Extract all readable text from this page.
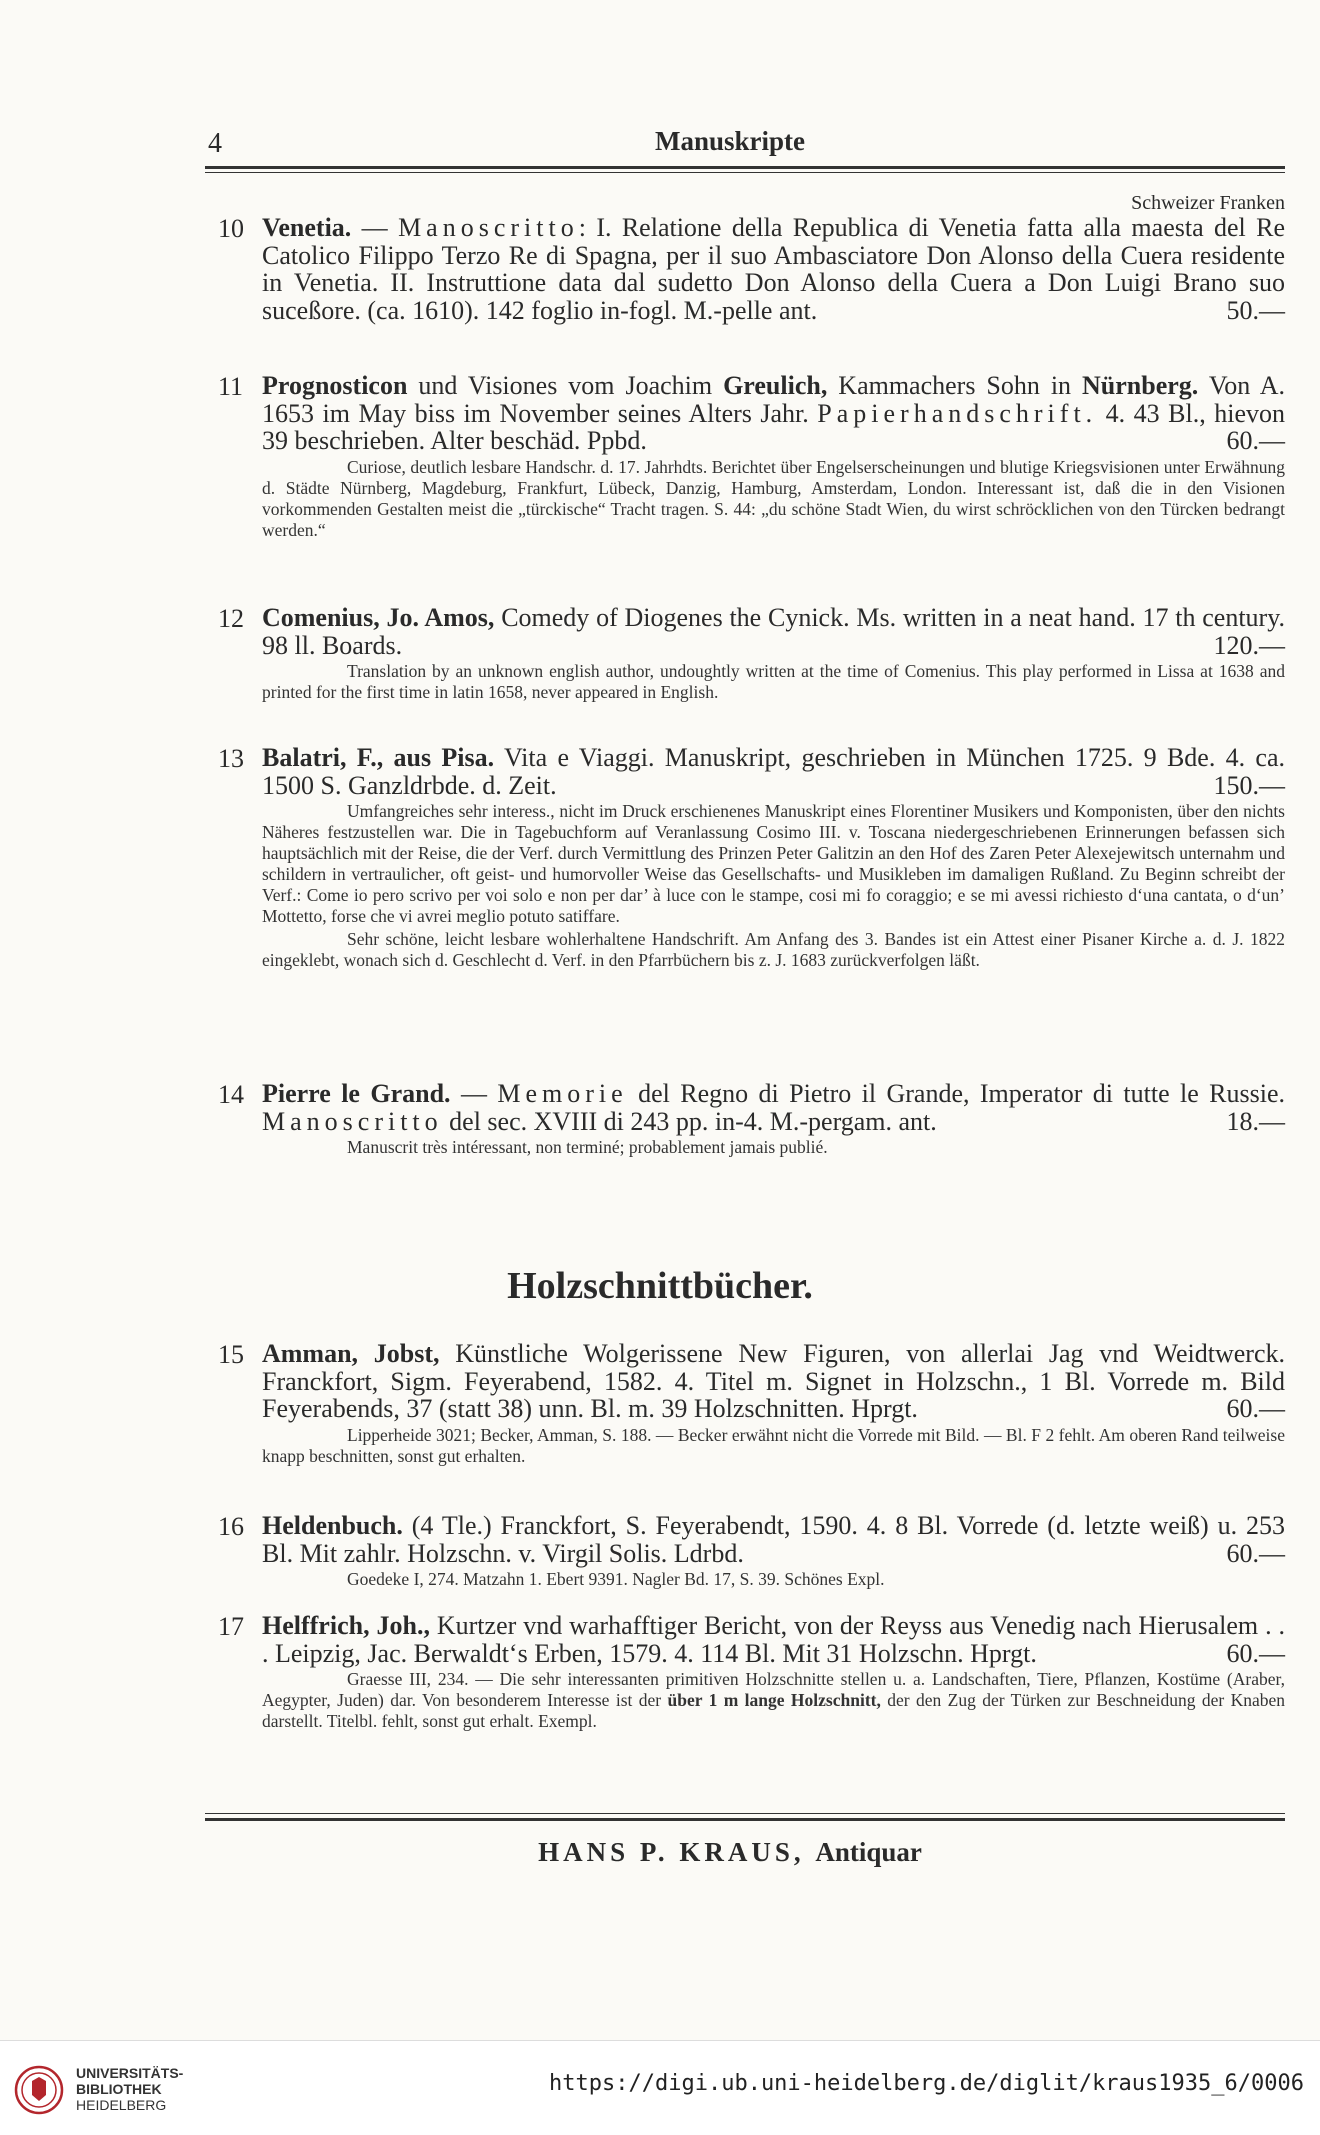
4	Manuskripte
Schweizer Franken
10 Venetia. — Manoscritto: I. Relatione della Republica di Venetia fatta alla maesta del Re Catolico Filippo Terzo Re di Spagna, per il suo Ambasciatore Don Alonso della Cuera residente in Venetia. II. Instruttione data dal sudetto Don Alonso della Cuera a Don Luigi Brano suo suceßore. (ca. 1610). 142 foglio in-fogl. M.-pelle ant.	50.—
11 Prognosticon und Visiones vom Joachim Greulich, Kammachers Sohn in Nürnberg. Von A. 1653 im May biss im November seines Alters Jahr. Papierhandschrift. 4. 43 Bl., hievon 39 beschrieben. Alter beschäd. Ppbd.	60.—
Curiose, deutlich lesbare Handschr. d. 17. Jahrhdts. Berichtet über Engelserscheinungen und blutige Kriegsvisionen unter Erwähnung d. Städte Nürnberg, Magdeburg, Frankfurt, Lübeck, Danzig, Hamburg, Amsterdam, London. Interessant ist, daß die in den Visionen vorkommenden Gestalten meist die „türckische“ Tracht tragen. S. 44: „du schöne Stadt Wien, du wirst schröcklichen von den Türcken bedrangt werden.“
12 Comenius, Jo. Amos, Comedy of Diogenes the Cynick. Ms. written in a neat hand. 17 th century. 98 ll. Boards.	120.—
Translation by an unknown english author, undoughtly written at the time of Comenius. This play performed in Lissa at 1638 and printed for the first time in latin 1658, never appeared in English.
13 Balatri, F., aus Pisa. Vita e Viaggi. Manuskript, geschrieben in München 1725. 9 Bde. 4. ca. 1500 S. Ganzldrbde. d. Zeit.	150.—
Umfangreiches sehr interess., nicht im Druck erschienenes Manuskript eines Florentiner Musikers und Komponisten, über den nichts Näheres festzustellen war. Die in Tagebuchform auf Veranlassung Cosimo III. v. Toscana niedergeschriebenen Erinnerungen befassen sich hauptsächlich mit der Reise, die der Verf. durch Vermittlung des Prinzen Peter Galitzin an den Hof des Zaren Peter Alexejewitsch unternahm und schildern in vertraulicher, oft geist- und humorvoller Weise das Gesellschafts- und Musikleben im damaligen Rußland. Zu Beginn schreibt der Verf.: Come io pero scrivo per voi solo e non per dar’ à luce con le stampe, cosi mi fo coraggio; e se mi avessi richiesto d‘una cantata, o d‘un’ Mottetto, forse che vi avrei meglio potuto satiffare.
Sehr schöne, leicht lesbare wohlerhaltene Handschrift. Am Anfang des 3. Bandes ist ein Attest einer Pisaner Kirche a. d. J. 1822 eingeklebt, wonach sich d. Geschlecht d. Verf. in den Pfarrbüchern bis z. J. 1683 zurückverfolgen läßt.
14 Pierre le Grand. — Memorie del Regno di Pietro il Grande, Imperator di tutte le Russie. Manoscritto del sec. XVIII di 243 pp. in-4. M.-pergam. ant.	18.—
Manuscrit très intéressant, non terminé; probablement jamais publié.
Holzschnittbücher.
15 Amman, Jobst, Künstliche Wolgerissene New Figuren, von allerlai Jag vnd Weidtwerck. Franckfort, Sigm. Feyerabend, 1582. 4. Titel m. Signet in Holzschn., 1 Bl. Vorrede m. Bild Feyerabends, 37 (statt 38) unn. Bl. m. 39 Holzschnitten. Hprgt.	60.—
Lipperheide 3021; Becker, Amman, S. 188. — Becker erwähnt nicht die Vorrede mit Bild. — Bl. F 2 fehlt. Am oberen Rand teilweise knapp beschnitten, sonst gut erhalten.
16 Heldenbuch. (4 Tle.) Franckfort, S. Feyerabendt, 1590. 4. 8 Bl. Vorrede (d. letzte weiß) u. 253 Bl. Mit zahlr. Holzschn. v. Virgil Solis. Ldrbd.	60.—
Goedeke I, 274. Matzahn 1. Ebert 9391. Nagler Bd. 17, S. 39. Schönes Expl.
17 Helffrich, Joh., Kurtzer vnd warhafftiger Bericht, von der Reyss aus Venedig nach Hierusalem . . . Leipzig, Jac. Berwaldt‘s Erben, 1579. 4. 114 Bl. Mit 31 Holzschn. Hprgt.	60.—
Graesse III, 234. — Die sehr interessanten primitiven Holzschnitte stellen u. a. Landschaften, Tiere, Pflanzen, Kostüme (Araber, Aegypter, Juden) dar. Von besonderem Interesse ist der über 1 m lange Holzschnitt, der den Zug der Türken zur Beschneidung der Knaben darstellt. Titelbl. fehlt, sonst gut erhalt. Exempl.
HANS P. KRAUS, Antiquar
UNIVERSITÄTS-
BIBLIOTHEK
HEIDELBERG
https://digi.ub.uni-heidelberg.de/diglit/kraus1935_6/0006
